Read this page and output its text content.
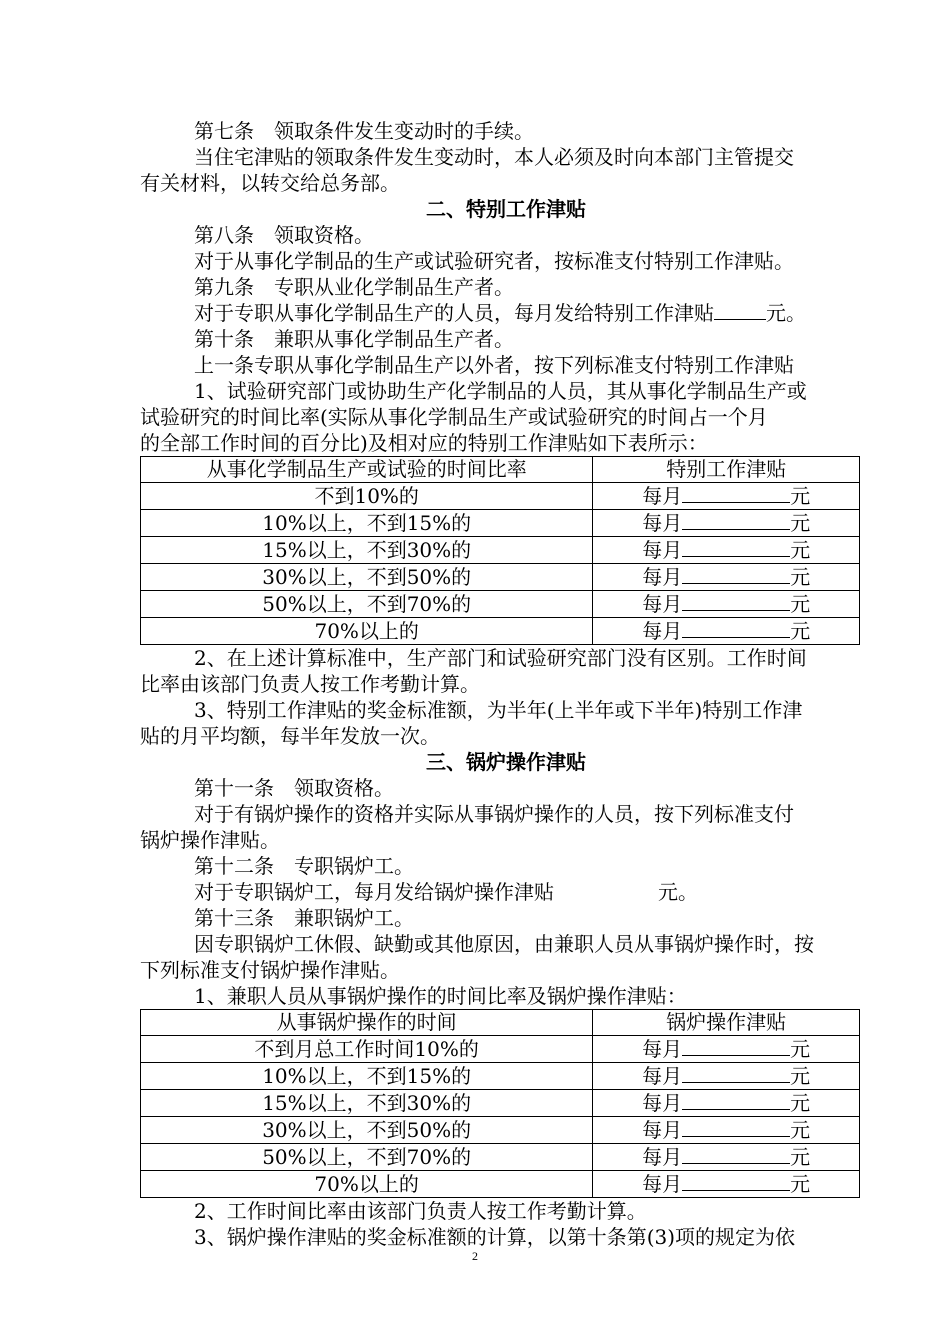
第七条　领取条件发生变动时的手续。

当住宅津贴的领取条件发生变动时，本人必须及时向本部门主管提交

有关材料，以转交给总务部。

二、特别工作津贴

第八条　领取资格。

对于从事化学制品的生产或试验研究者，按标准支付特别工作津贴。

第九条　专职从业化学制品生产者。

对于专职从事化学制品生产的人员，每月发给特别工作津贴	元。

第十条　兼职从事化学制品生产者。

上一条专职从事化学制品生产以外者，按下列标准支付特别工作津贴

1、试验研究部门或协助生产化学制品的人员，其从事化学制品生产或

试验研究的时间比率(实际从事化学制品生产或试验研究的时间占一个月

的全部工作时间的百分比)及相对应的特别工作津贴如下表所示：

从事化学制品生产或试验的时间比率	特别工作津贴
不到10%的	每月 元
10%以上，不到15%的	每月 元
15%以上，不到30%的	每月 元
30%以上，不到50%的	每月 元
50%以上，不到70%的	每月 元
70%以上的	每月 元

2、在上述计算标准中，生产部门和试验研究部门没有区别。工作时间

比率由该部门负责人按工作考勤计算。

3、特别工作津贴的奖金标准额，为半年(上半年或下半年)特别工作津

贴的月平均额，每半年发放一次。

三、锅炉操作津贴

第十一条　领取资格。

对于有锅炉操作的资格并实际从事锅炉操作的人员，按下列标准支付

锅炉操作津贴。

第十二条　专职锅炉工。

对于专职锅炉工，每月发给锅炉操作津贴	元。

第十三条　兼职锅炉工。

因专职锅炉工休假、缺勤或其他原因，由兼职人员从事锅炉操作时，按

下列标准支付锅炉操作津贴。

1、兼职人员从事锅炉操作的时间比率及锅炉操作津贴：

从事锅炉操作的时间	锅炉操作津贴
不到月总工作时间10%的	每月 元
10%以上，不到15%的	每月 元
15%以上，不到30%的	每月 元
30%以上，不到50%的	每月 元
50%以上，不到70%的	每月 元
70%以上的	每月 元

2、工作时间比率由该部门负责人按工作考勤计算。

3、锅炉操作津贴的奖金标准额的计算，以第十条第(3)项的规定为依

2
